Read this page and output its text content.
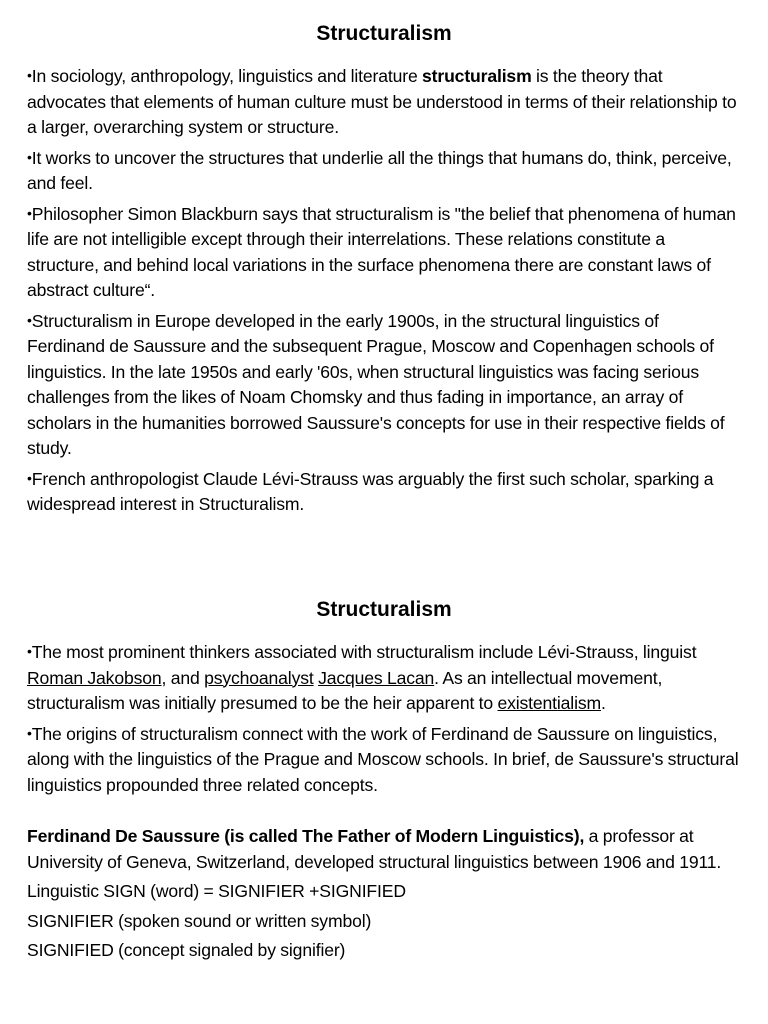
Structuralism

•In sociology, anthropology, linguistics and literature structuralism is the theory that advocates that elements of human culture must be understood in terms of their relationship to a larger, overarching system or structure.

•It works to uncover the structures that underlie all the things that humans do, think, perceive, and feel.

•Philosopher Simon Blackburn says that structuralism is "the belief that phenomena of human life are not intelligible except through their interrelations. These relations constitute a structure, and behind local variations in the surface phenomena there are constant laws of abstract culture“.

•Structuralism in Europe developed in the early 1900s, in the structural linguistics of Ferdinand de Saussure and the subsequent Prague, Moscow and Copenhagen schools of linguistics. In the late 1950s and early '60s, when structural linguistics was facing serious challenges from the likes of Noam Chomsky and thus fading in importance, an array of scholars in the humanities borrowed Saussure's concepts for use in their respective fields of study.

•French anthropologist Claude Lévi-Strauss was arguably the first such scholar, sparking a widespread interest in Structuralism.

Structuralism

•The most prominent thinkers associated with structuralism include Lévi-Strauss, linguist Roman Jakobson, and psychoanalyst Jacques Lacan. As an intellectual movement, structuralism was initially presumed to be the heir apparent to existentialism.

•The origins of structuralism connect with the work of Ferdinand de Saussure on linguistics, along with the linguistics of the Prague and Moscow schools. In brief, de Saussure's structural linguistics propounded three related concepts.

Ferdinand De Saussure (is called The Father of Modern Linguistics), a professor at University of Geneva, Switzerland, developed structural linguistics between 1906 and 1911.

Linguistic SIGN (word) = SIGNIFIER +SIGNIFIED

SIGNIFIER (spoken sound or written symbol)

SIGNIFIED (concept signaled by signifier)
